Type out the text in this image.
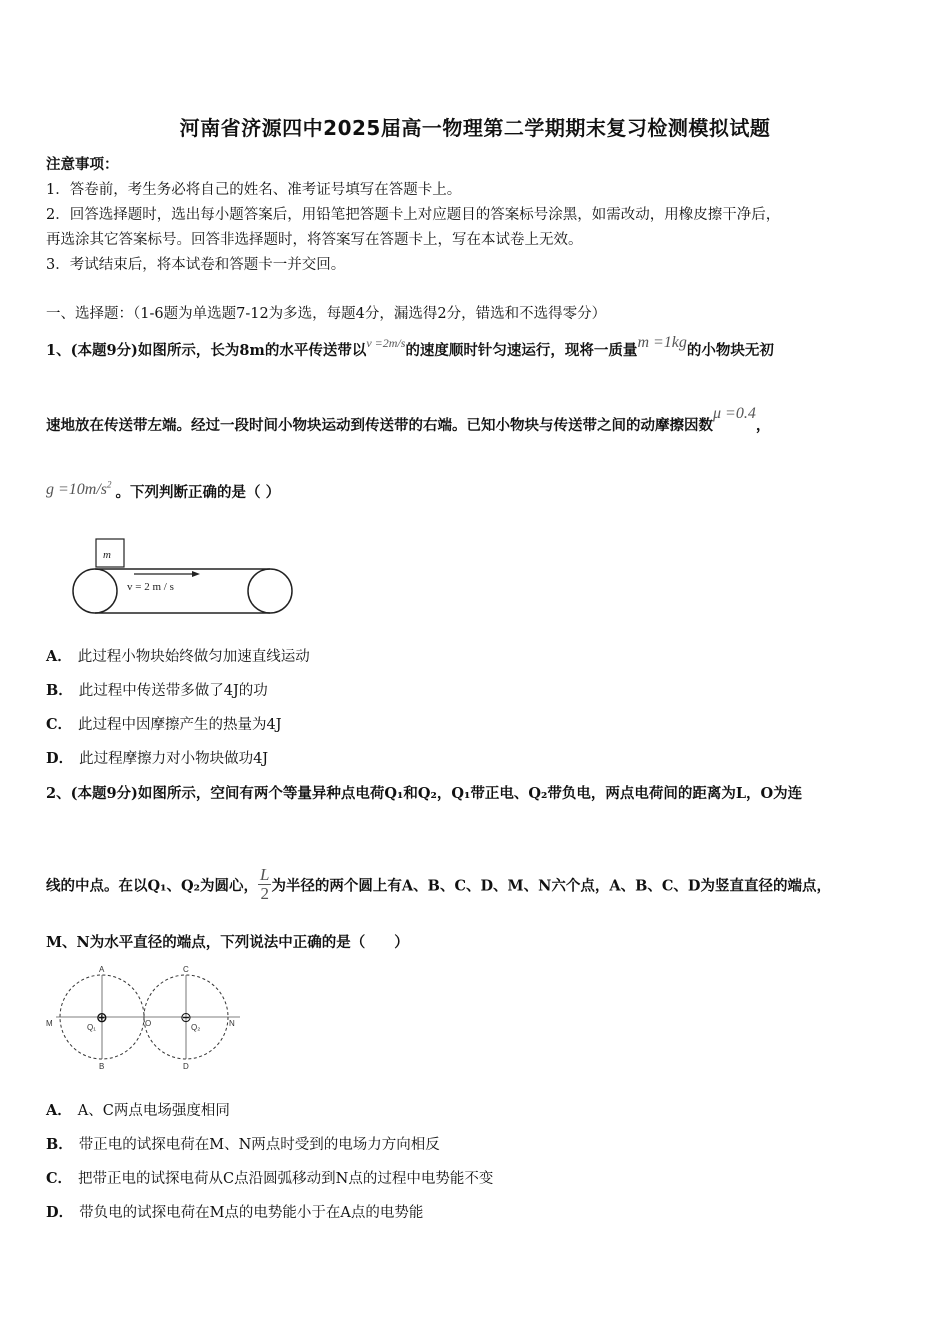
河南省济源四中2025届高一物理第二学期期末复习检测模拟试题
注意事项：
1．答卷前，考生务必将自己的姓名、准考证号填写在答题卡上。
2．回答选择题时，选出每小题答案后，用铅笔把答题卡上对应题目的答案标号涂黑，如需改动，用橡皮擦干净后，
再选涂其它答案标号。回答非选择题时，将答案写在答题卡上，写在本试卷上无效。
3．考试结束后，将本试卷和答题卡一并交回。
一、选择题：（1-6题为单选题7-12为多选，每题4分，漏选得2分，错选和不选得零分）
1、(本题9分)如图所示，长为8m的水平传送带以$^{v =2m/s}$的速度顺时针匀速运行，现将一质量m =1kg的小物块无初
速地放在传送带左端。经过一段时间小物块运动到传送带的右端。已知小物块与传送带之间的动摩擦因数μ =0.4，
$g =10m/s^2$ 。下列判断正确的是（ ）
m
v = 2 m / s
A． 此过程小物块始终做匀加速直线运动
B． 此过程中传送带多做了4J的功
C． 此过程中因摩擦产生的热量为4J
D． 此过程摩擦力对小物块做功4J
2、(本题9分)如图所示，空间有两个等量异种点电荷Q₁和Q₂，Q₁带正电、Q₂带负电，两点电荷间的距离为L，O为连
线的中点。在以Q₁、Q₂为圆心， $\frac{L}{2}$ 为半径的两个圆上有A、B、C、D、M、N六个点，A、B、C、D为竖直直径的端点，
M、N为水平直径的端点，下列说法中正确的是（　　）
⊕	⊖
A
B
C
D
M	N
O
Q₁	Q₂
A． A、C两点电场强度相同
B． 带正电的试探电荷在M、N两点时受到的电场力方向相反
C． 把带正电的试探电荷从C点沿圆弧移动到N点的过程中电势能不变
D． 带负电的试探电荷在M点的电势能小于在A点的电势能
